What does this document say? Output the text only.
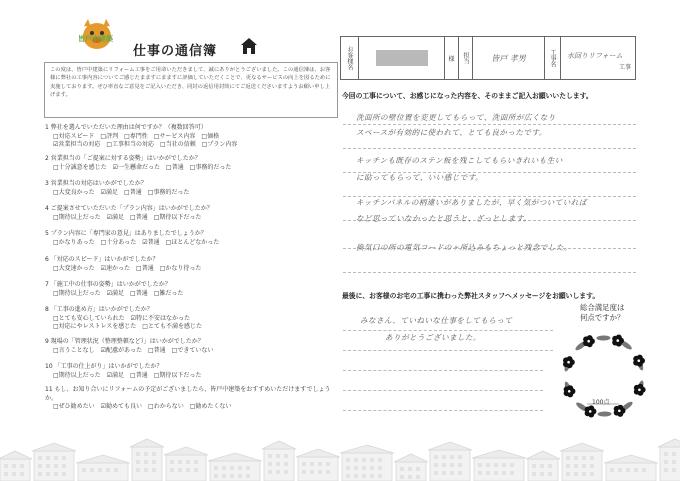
皆戸中建築
仕事の通信簿
この度は、皆戸中建築にリフォーム工事をご用命いただきまして、誠にありがとうございました。この通信簿は、お客様に弊社の工事内容についてご感じたまますにまますに評価していただくことで、更なるサービスの向上を図るために実施しております。ぜひ率直なご意見をご記入いただき、同封の返信用封筒にてご返送くださいますようお願い申し上げます。
1 弊社を選んでいただいた理由は何ですか？（複数回答可）
□対応スピード　□評判　□専門性　□サービス内容　□価格
☑営業担当の対応　□工事担当の対応　□当社の信頼　□プラン内容
2 営業担当の「ご提案に対する姿勢」はいかがでしたか？
□十分誠意を感じた　☑一生懸命だった　□普通　□事務的だった
3 営業担当の対応はいかがでしたか？
□大変良かった　☑満足　□普通　□事務的だった
4 ご提案させていただいた「プラン内容」はいかがでしたか？
□期待以上だった　☑満足　□普通　□期待以下だった
5 プラン内容に「専門家の意見」はありましたでしょうか？
□かなりあった　□十分あった　☑普通　□ほとんどなかった
6 「対応のスピード」はいかがでしたか？
□大変速かった　☑速かった　□普通　□かなり待った
7 「施工中の仕事の姿勢」はいかがでしたか？
□期待以上だった　☑満足　□普通　□雑だった
8 「工事の進め方」はいかがでしたか？
□とても安心していられた　☑特に不安はなかった
□対応にやレストレスを感じた　□とても不満を感じた
9 現場の「管理状況（整理整頓など）」はいかがでしたか？
□言うことなし　☑配慮があった　□普通　□できていない
10 「工事の仕上がり」はいかがでしたか？
□期待以上だった　☑満足　□普通　□期待以下だった
11 もし、お知り合いにリフォームの予定がございましたら、皆戸中建築をおすすめいただけますでしょうか。
□ぜひ勧めたい　☑勧めても良い　□わからない　□勧めたくない
お客様名	様	担当	皆戸 孝男	工事名	水回りリフォーム
工事
今回の工事について、お感じになった内容を、そのままご記入お願いいたします。
洗面所の壁位置を変更してもらって、洗面所が広くなり
スペースが有効的に使われて、とても良かったです。
キッチンも既存のステン板を残こしてもらいきれいも生い
に貼ってもらって、いい感じです。
キッチンパネルの柄違いがありましたが、早く気がついていれば
など思っていなかったと思うと、ざっとします。
換気口の所の電気コードのヶ所込みもちょっと残念でした。
最後に、お客様のお宅の工事に携わった弊社スタッフへメッセージをお願いします。
みなさん、ていねいな仕事をしてもらって
ありがとうございました。
総合満足度は
何点ですか？
100点
